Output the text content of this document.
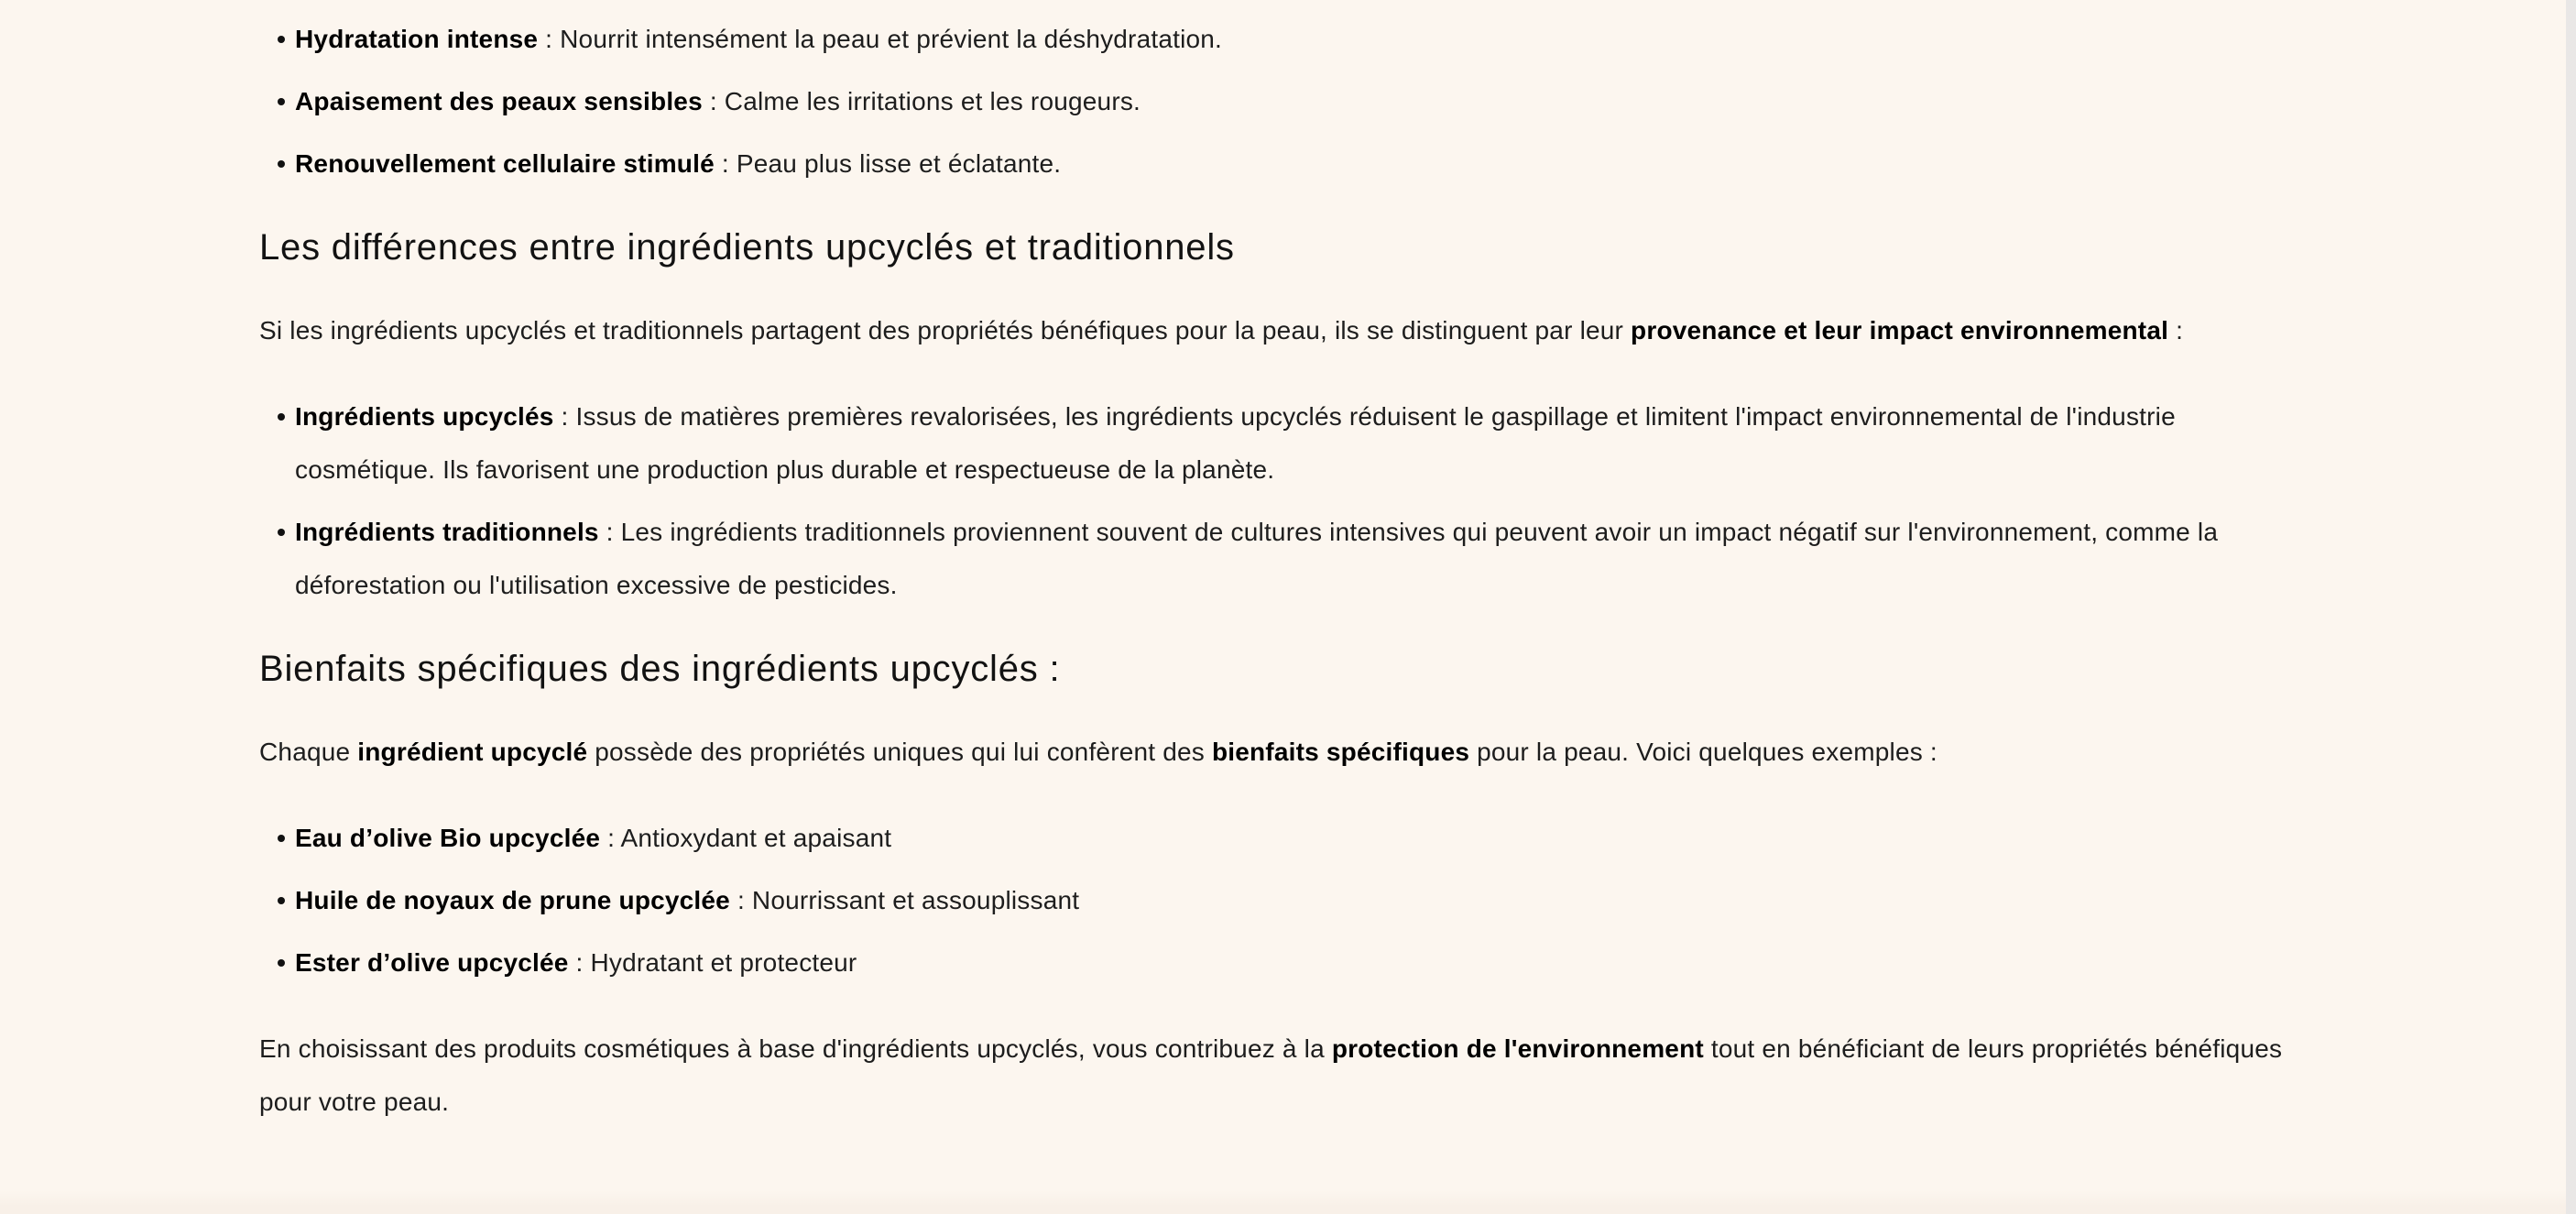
Hydratation intense : Nourrit intensément la peau et prévient la déshydratation.
Apaisement des peaux sensibles : Calme les irritations et les rougeurs.
Renouvellement cellulaire stimulé : Peau plus lisse et éclatante.
Les différences entre ingrédients upcyclés et traditionnels

Si les ingrédients upcyclés et traditionnels partagent des propriétés bénéfiques pour la peau, ils se distinguent par leur provenance et leur impact environnemental :

Ingrédients upcyclés : Issus de matières premières revalorisées, les ingrédients upcyclés réduisent le gaspillage et limitent l'impact environnemental de l'industrie cosmétique. Ils favorisent une production plus durable et respectueuse de la planète.
Ingrédients traditionnels : Les ingrédients traditionnels proviennent souvent de cultures intensives qui peuvent avoir un impact négatif sur l'environnement, comme la déforestation ou l'utilisation excessive de pesticides.
Bienfaits spécifiques des ingrédients upcyclés :

Chaque ingrédient upcyclé possède des propriétés uniques qui lui confèrent des bienfaits spécifiques pour la peau. Voici quelques exemples :

Eau d’olive Bio upcyclée : Antioxydant et apaisant
Huile de noyaux de prune upcyclée : Nourrissant et assouplissant
Ester d’olive upcyclée : Hydratant et protecteur

En choisissant des produits cosmétiques à base d'ingrédients upcyclés, vous contribuez à la protection de l'environnement tout en bénéficiant de leurs propriétés bénéfiques pour votre peau.
